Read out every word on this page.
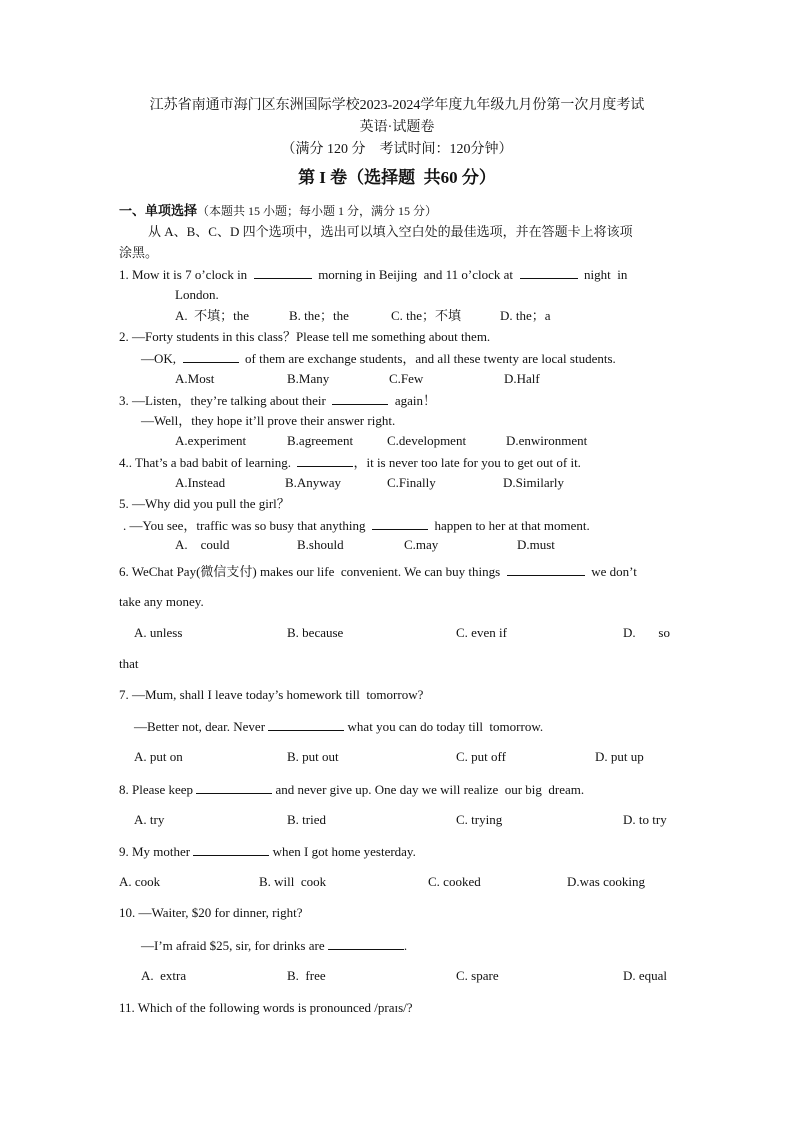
江苏省南通市海门区东洲国际学校2023-2024学年度九年级九月份第一次月度考试
英语·试题卷
（满分 120 分　考试时间：120分钟）
第 I 卷（选择题  共60 分）
一、单项选择（本题共 15 小题；每小题 1 分，满分 15 分）
从 A、B、C、D 四个选项中，选出可以填入空白处的最佳选项，并在答题卡上将该项
涂黑。
1. Mow it is 7 o’clock in	morning in Beijing  and 11 o’clock at	night  in
London.
A.  不填；the	B. the；the	C. the；不填	D. the；a
2. —Forty students in this class？Please tell me something about them.
—OK,	of them are exchange students，and all these twenty are local students.
A.Most	B.Many	C.Few	D.Half
3. —Listen，they’re talking about their	again！
—Well，they hope it’ll prove their answer right.
A.experiment	B.agreement	C.development	D.enwironment
4.. That’s a bad babit of learning.	，it is never too late for you to get out of it.
A.Instead	B.Anyway	C.Finally	D.Similarly
5. —Why did you pull the girl？
. —You see，traffic was so busy that anything	happen to her at that moment.
A.    could	B.should	C.may	D.must
6. WeChat Pay(微信支付) makes our life  convenient. We can buy things	we don’t
take any money.
A. unless	B. because	C. even if	D.       so
that
7. —Mum, shall I leave today’s homework till  tomorrow?
—Better not, dear. Never	what you can do today till  tomorrow.
A. put on	B. put out	C. put off	D. put up
8. Please keep	and never give up. One day we will realize  our big  dream.
A. try	B. tried	C. trying	D. to try
9. My mother	when I got home yesterday.
A. cook	B. will  cook	C. cooked	D.was cooking
10. —Waiter, $20 for dinner, right?
—I’m afraid $25, sir, for drinks are	.
A.  extra	B.  free	C. spare	D. equal
11. Which of the following words is pronounced /praɪs/?
